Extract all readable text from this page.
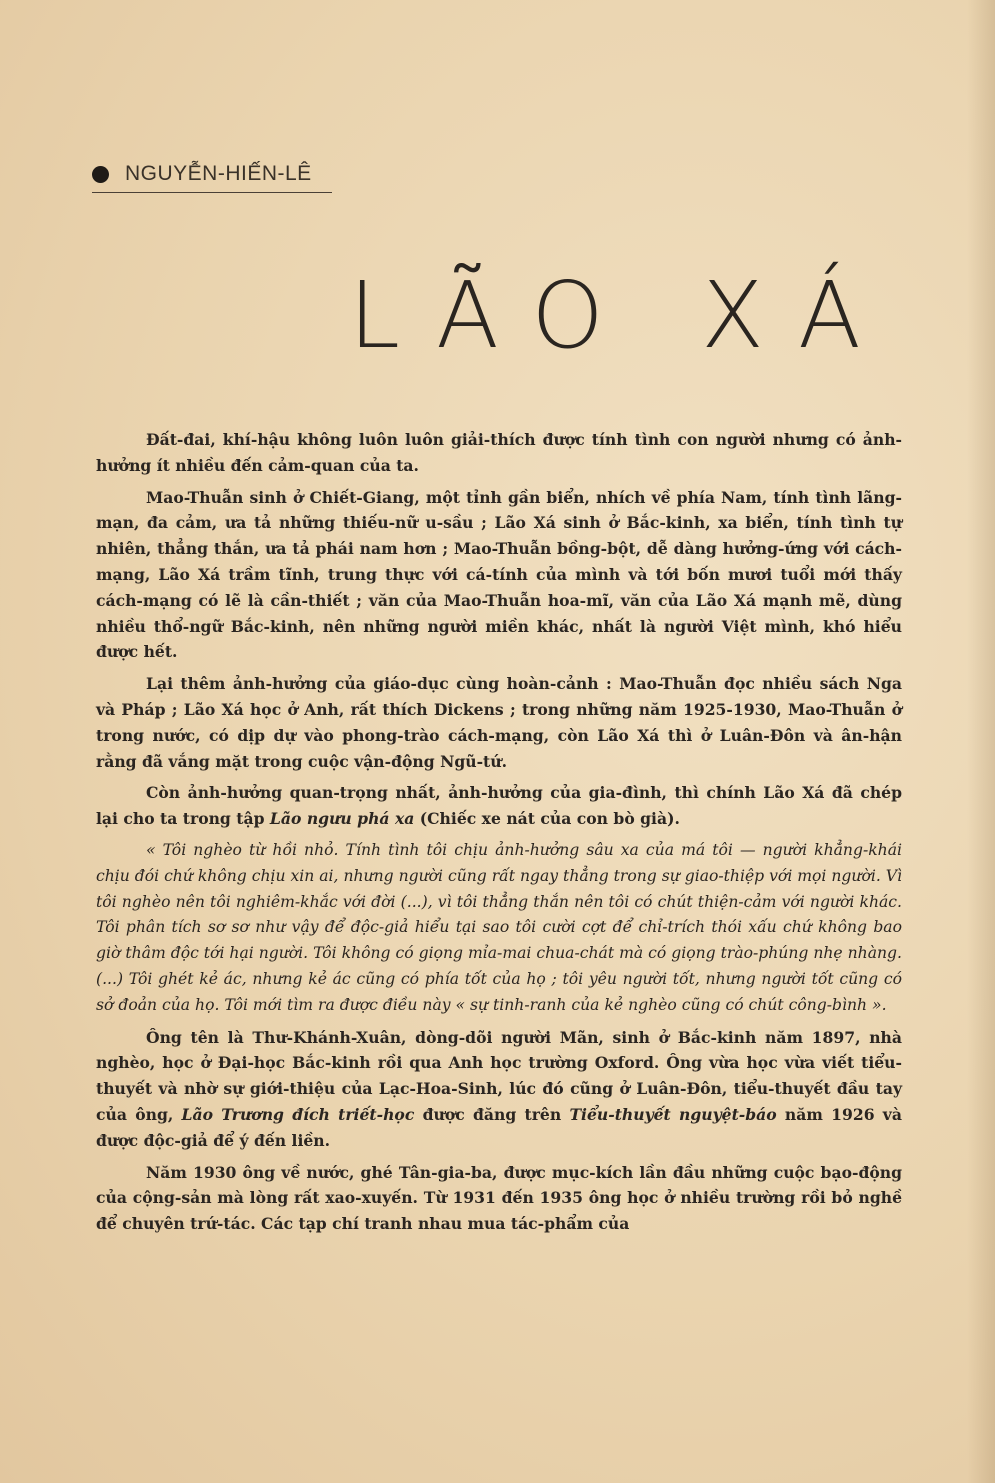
NGUYỄN-HIẾN-LÊ
LÃO XÁ

Đất-đai, khí-hậu không luôn luôn giải-thích được tính tình con người nhưng có ảnh-hưởng ít nhiều đến cảm-quan của ta.

Mao-Thuẫn sinh ở Chiết-Giang, một tỉnh gần biển, nhích về phía Nam, tính tình lãng-mạn, đa cảm, ưa tả những thiếu-nữ u-sầu ; Lão Xá sinh ở Bắc-kinh, xa biển, tính tình tự nhiên, thẳng thắn, ưa tả phái nam hơn ; Mao-Thuẫn bồng-bột, dễ dàng hưởng-ứng với cách-mạng, Lão Xá trầm tĩnh, trung thực với cá-tính của mình và tới bốn mươi tuổi mới thấy cách-mạng có lẽ là cần-thiết ; văn của Mao-Thuẫn hoa-mĩ, văn của Lão Xá mạnh mẽ, dùng nhiều thổ-ngữ Bắc-kinh, nên những người miền khác, nhất là người Việt mình, khó hiểu được hết.

Lại thêm ảnh-hưởng của giáo-dục cùng hoàn-cảnh : Mao-Thuẫn đọc nhiều sách Nga và Pháp ; Lão Xá học ở Anh, rất thích Dickens ; trong những năm 1925-1930, Mao-Thuẫn ở trong nước, có dịp dự vào phong-trào cách-mạng, còn Lão Xá thì ở Luân-Đôn và ân-hận rằng đã vắng mặt trong cuộc vận-động Ngũ-tứ.

Còn ảnh-hưởng quan-trọng nhất, ảnh-hưởng của gia-đình, thì chính Lão Xá đã chép lại cho ta trong tập Lão ngưu phá xa (Chiếc xe nát của con bò già).

« Tôi nghèo từ hồi nhỏ. Tính tình tôi chịu ảnh-hưởng sâu xa của má tôi — người khẳng-khái chịu đói chứ không chịu xin ai, nhưng người cũng rất ngay thẳng trong sự giao-thiệp với mọi người. Vì tôi nghèo nên tôi nghiêm-khắc với đời (...), vì tôi thẳng thắn nên tôi có chút thiện-cảm với người khác. Tôi phân tích sơ sơ như vậy để độc-giả hiểu tại sao tôi cười cợt để chỉ-trích thói xấu chứ không bao giờ thâm độc tới hại người. Tôi không có giọng mỉa-mai chua-chát mà có giọng trào-phúng nhẹ nhàng. (...) Tôi ghét kẻ ác, nhưng kẻ ác cũng có phía tốt của họ ; tôi yêu người tốt, nhưng người tốt cũng có sở đoản của họ. Tôi mới tìm ra được điều này « sự tinh-ranh của kẻ nghèo cũng có chút công-bình ».

Ông tên là Thư-Khánh-Xuân, dòng-dõi người Mãn, sinh ở Bắc-kinh năm 1897, nhà nghèo, học ở Đại-học Bắc-kinh rồi qua Anh học trường Oxford. Ông vừa học vừa viết tiểu-thuyết và nhờ sự giới-thiệu của Lạc-Hoa-Sinh, lúc đó cũng ở Luân-Đôn, tiểu-thuyết đầu tay của ông, Lão Trương đích triết-học được đăng trên Tiểu-thuyết nguyệt-báo năm 1926 và được độc-giả để ý đến liền.

Năm 1930 ông về nước, ghé Tân-gia-ba, được mục-kích lần đầu những cuộc bạo-động của cộng-sản mà lòng rất xao-xuyến. Từ 1931 đến 1935 ông học ở nhiều trường rồi bỏ nghề để chuyên trứ-tác. Các tạp chí tranh nhau mua tác-phẩm của
